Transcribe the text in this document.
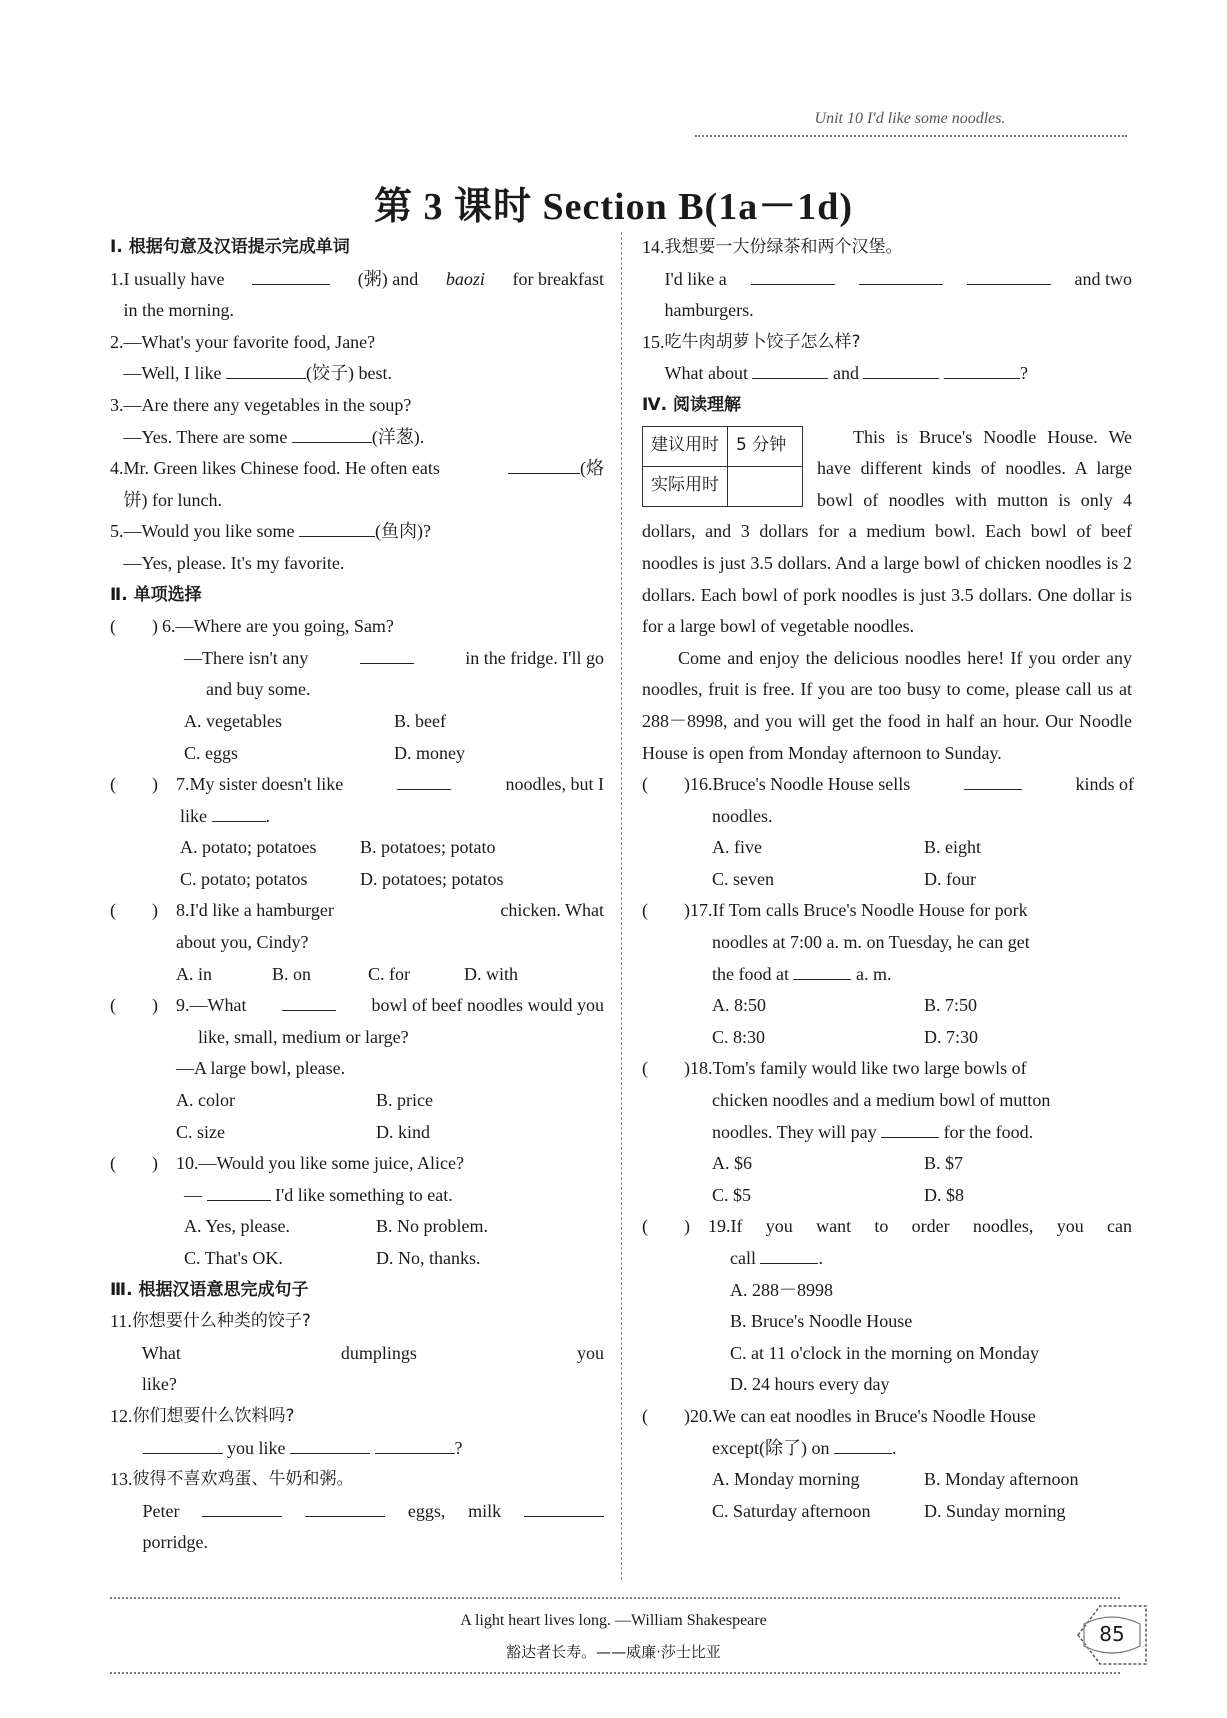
Unit 10 I'd like some noodles.
第 3 课时 Section B(1a－1d)
Ⅰ. 根据句意及汉语提示完成单词
1. I usually have	(粥) and baozi for breakfast
in the morning.
2. —What's your favorite food, Jane?
—Well, I like	(饺子) best.
3. —Are there any vegetables in the soup?
—Yes. There are some	(洋葱).
4. Mr. Green likes Chinese food. He often eats	(烙
饼) for lunch.
5. —Would you like some	(鱼肉)?
—Yes, please. It's my favorite.
Ⅱ. 单项选择
(　　) 6.—Where are you going, Sam?
—There isn't any	in the fridge. I'll go
and buy some.
A. vegetables	B. beef
C. eggs	D. money
(　　)	7.My sister doesn't like	noodles, but I
like	.
A. potato; potatoes	B. potatoes; potato
C. potato; potatos	D. potatoes; potatos
(　　)	8.I'd like a hamburger	chicken. What
about you, Cindy?
A. in	B. on	C. for	D. with
(　　)	9.—What	bowl of beef noodles would you
like, small, medium or large?
—A large bowl, please.
A. color	B. price
C. size	D. kind
(　　)	10.—Would you like some juice, Alice?
—	I'd like something to eat.
A. Yes, please.	B. No problem.
C. That's OK.	D. No, thanks.
Ⅲ. 根据汉语意思完成句子
11. 你想要什么种类的饺子?
What	dumplings	you
like?
12. 你们想要什么饮料吗?
you like	?
13. 彼得不喜欢鸡蛋、牛奶和粥。
Peter	eggs, milk
porridge.
14. 我想要一大份绿茶和两个汉堡。
I'd like a	and two
hamburgers.
15. 吃牛肉胡萝卜饺子怎么样?
What about	and	?
Ⅳ. 阅读理解
建议用时	5 分钟
实际用时	
This is Bruce's Noodle House. We have different kinds of noodles. A large bowl of noodles with mutton is only 4 dollars, and 3 dollars for a medium bowl. Each bowl of beef noodles is just 3.5 dollars. And a large bowl of chicken noodles is 2 dollars. Each bowl of pork noodles is just 3.5 dollars. One dollar is for a large bowl of vegetable noodles.
Come and enjoy the delicious noodles here! If you order any noodles, fruit is free. If you are too busy to come, please call us at 288－8998, and you will get the food in half an hour. Our Noodle House is open from Monday afternoon to Sunday.
(　　) 16.Bruce's Noodle House sells	kinds of
noodles.
A. five	B. eight
C. seven	D. four
(　　) 17.If Tom calls Bruce's Noodle House for pork
noodles at 7:00 a. m. on Tuesday, he can get
the food at	a. m.
A. 8:50	B. 7:50
C. 8:30	D. 7:30
(　　) 18.Tom's family would like two large bowls of
chicken noodles and a medium bowl of mutton
noodles. They will pay	for the food.
A. $6	B. $7
C. $5	D. $8
(　　)	19. If you want to order noodles, you can
call	.
A. 288－8998
B. Bruce's Noodle House
C. at 11 o'clock in the morning on Monday
D. 24 hours every day
(　　) 20.We can eat noodles in Bruce's Noodle House
except(除了) on	.
A. Monday morning	B. Monday afternoon
C. Saturday afternoon	D. Sunday morning
A light heart lives long. —William Shakespeare
豁达者长寿。——威廉·莎士比亚
85
